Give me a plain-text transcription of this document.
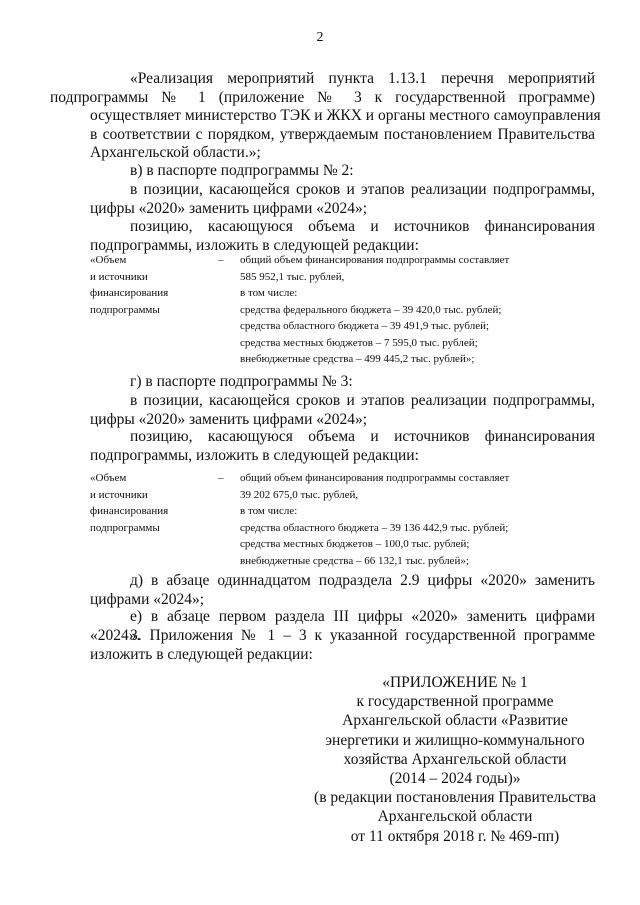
2
«Реализация мероприятий пункта 1.13.1 перечня мероприятий
подпрограммы № 1 (приложение № 3 к государственной программе)
осуществляет министерство ТЭК и ЖКХ и органы местного самоуправления
в соответствии с порядком, утверждаемым постановлением Правительства
Архангельской области.»;
в) в паспорте подпрограммы № 2:
в позиции, касающейся сроков и этапов реализации подпрограммы, цифры «2020» заменить цифрами «2024»;
позицию, касающуюся объема и источников финансирования подпрограммы, изложить в следующей редакции:
«Объем
и источники
финансирования
подпрограммы
– общий объем финансирования подпрограммы составляет
585 952,1 тыс. рублей,
в том числе:
средства федерального бюджета – 39 420,0 тыс. рублей;
средства областного бюджета – 39 491,9 тыс. рублей;
средства местных бюджетов – 7 595,0 тыс. рублей;
внебюджетные средства – 499 445,2 тыс. рублей»;
г) в паспорте подпрограммы № 3:
в позиции, касающейся сроков и этапов реализации подпрограммы, цифры «2020» заменить цифрами «2024»;
позицию, касающуюся объема и источников финансирования подпрограммы, изложить в следующей редакции:
«Объем
и источники
финансирования
подпрограммы
– общий объем финансирования подпрограммы составляет
39 202 675,0 тыс. рублей,
в том числе:
средства областного бюджета – 39 136 442,9 тыс. рублей;
средства местных бюджетов – 100,0 тыс. рублей;
внебюджетные средства – 66 132,1 тыс. рублей»;
д) в абзаце одиннадцатом подраздела 2.9 цифры «2020» заменить цифрами «2024»;
е) в абзаце первом раздела III цифры «2020» заменить цифрами «2024».
3. Приложения № 1 – 3 к указанной государственной программе изложить в следующей редакции:
«ПРИЛОЖЕНИЕ № 1
к государственной программе
Архангельской области «Развитие
энергетики и жилищно-коммунального
хозяйства Архангельской области
(2014 – 2024 годы)»
(в редакции постановления Правительства
Архангельской области
от 11 октября 2018 г. № 469-пп)
